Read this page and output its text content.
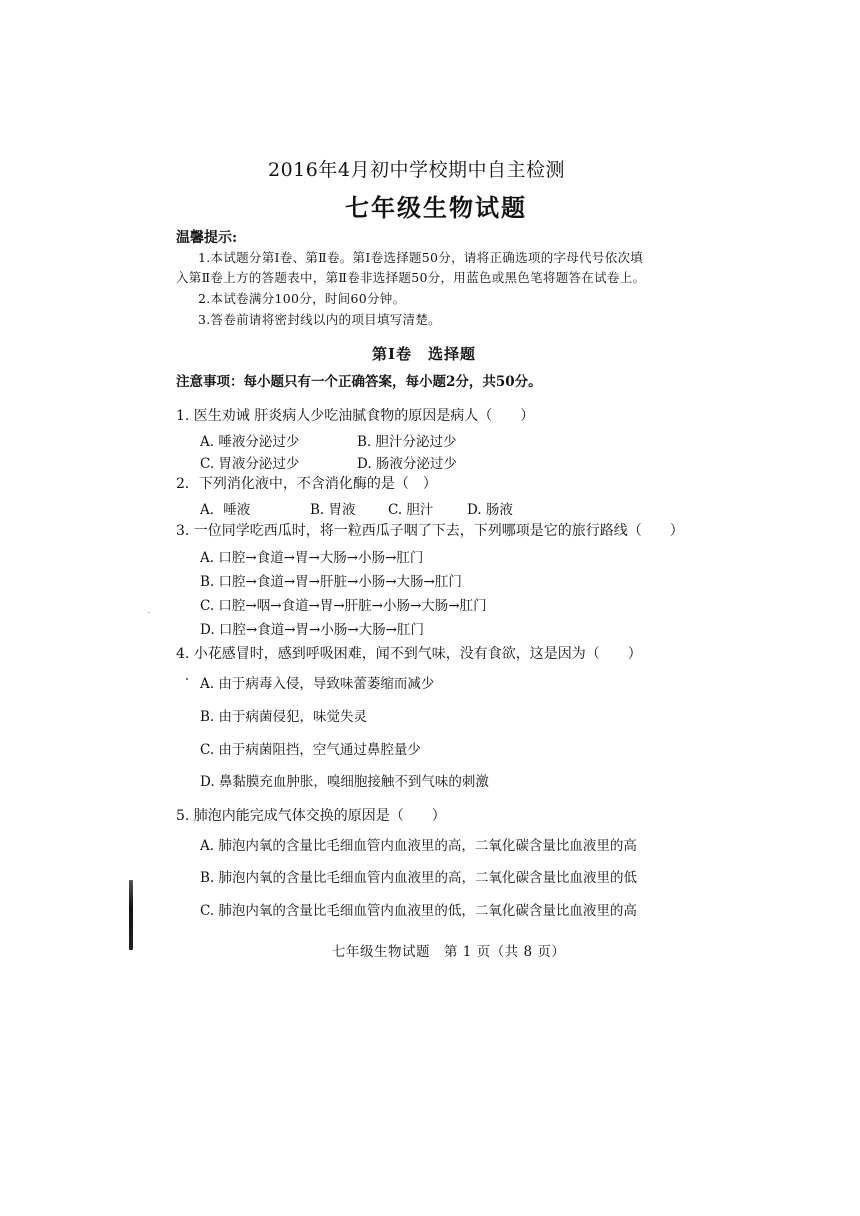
2016年4月初中学校期中自主检测

七年级生物试题

温馨提示:

1.本试题分第Ⅰ卷、第Ⅱ卷。第Ⅰ卷选择题50分，请将正确选项的字母代号依次填

入第Ⅱ卷上方的答题表中，第Ⅱ卷非选择题50分，用蓝色或黑色笔将题答在试卷上。

2.本试卷满分100分，时间60分钟。

3.答卷前请将密封线以内的项目填写清楚。

第Ⅰ卷　选择题

注意事项：每小题只有一个正确答案，每小题2分，共50分。

1. 医生劝诫 肝炎病人少吃油腻食物的原因是病人（　　）

A. 唾液分泌过少	B. 胆汁分泌过少

C. 胃液分泌过少	D. 肠液分泌过少

2．下列消化液中，不含消化酶的是（　）

A．唾液	B. 胃液 C. 胆汁 D. 肠液

3. 一位同学吃西瓜时，将一粒西瓜子咽了下去，下列哪项是它的旅行路线（　　）

A. 口腔→食道→胃→大肠→小肠→肛门

B. 口腔→食道→胃→肝脏→小肠→大肠→肛门

C. 口腔→咽→食道→胃→肝脏→小肠→大肠→肛门

D. 口腔→食道→胃→小肠→大肠→肛门

4. 小花感冒时，感到呼吸困难，闻不到气味，没有食欲，这是因为（　　）

A. 由于病毒入侵，导致味蕾萎缩而减少

B. 由于病菌侵犯，味觉失灵

C. 由于病菌阻挡，空气通过鼻腔量少

D. 鼻黏膜充血肿胀，嗅细胞接触不到气味的刺激

5. 肺泡内能完成气体交换的原因是（　　）

A. 肺泡内氧的含量比毛细血管内血液里的高，二氧化碳含量比血液里的高

B. 肺泡内氧的含量比毛细血管内血液里的高，二氧化碳含量比血液里的低

C. 肺泡内氧的含量比毛细血管内血液里的低，二氧化碳含量比血液里的高

七年级生物试题　第 1 页（共 8 页）
